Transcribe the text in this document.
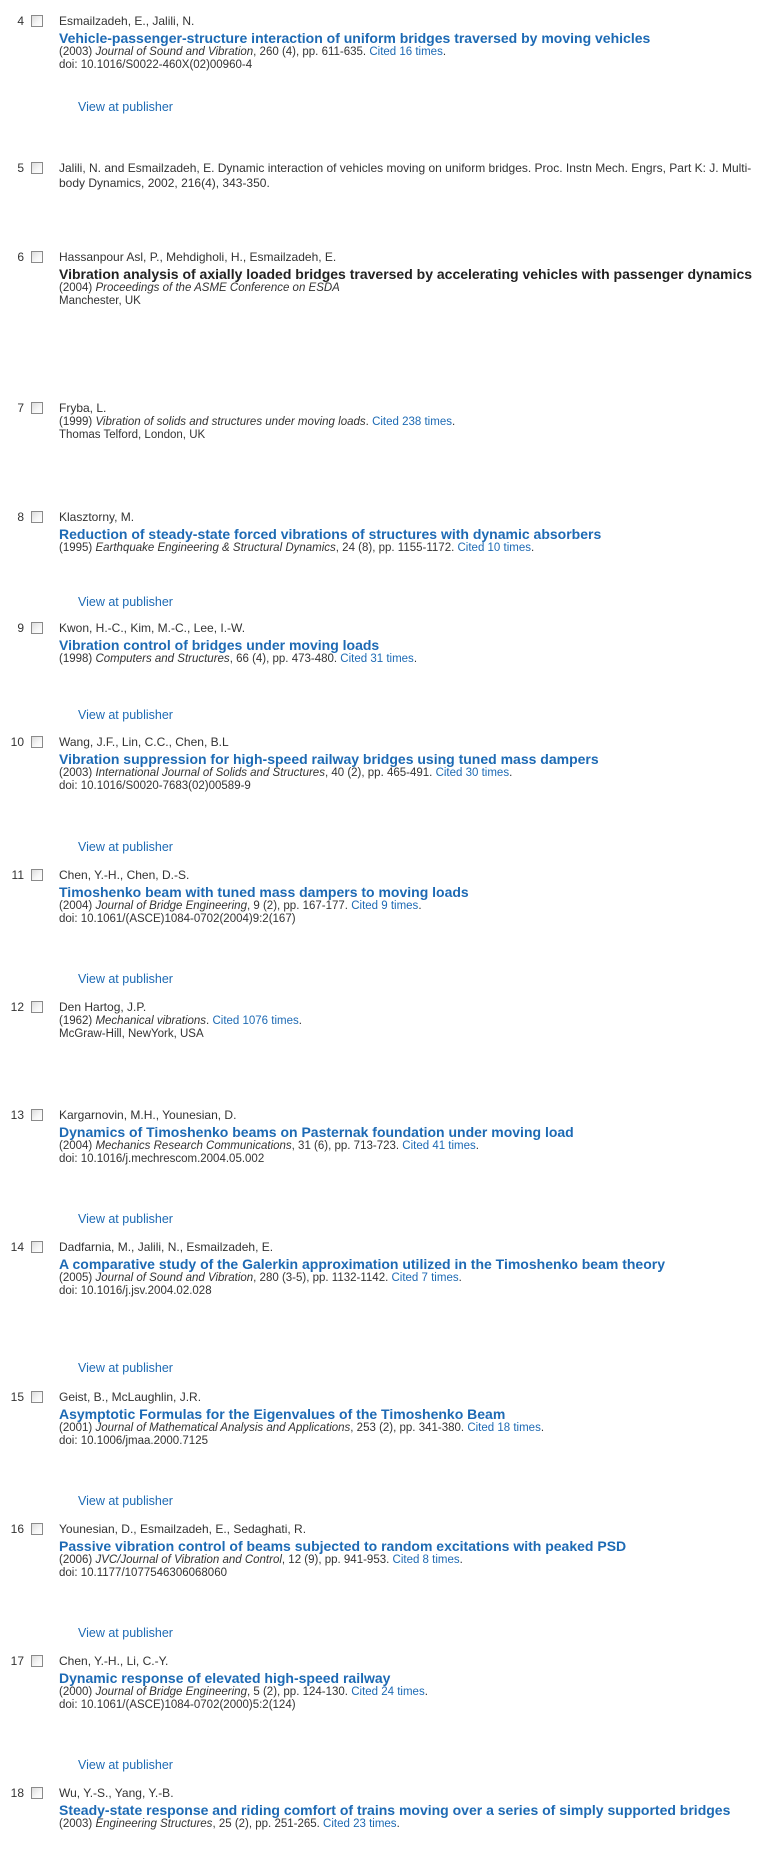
4	Esmailzadeh, E., Jalili, N.
Vehicle-passenger-structure interaction of uniform bridges traversed by moving vehicles
(2003) Journal of Sound and Vibration, 260 (4), pp. 611-635. Cited 16 times.
doi: 10.1016/S0022-460X(02)00960-4
View at publisher
5	Jalili, N. and Esmailzadeh, E. Dynamic interaction of vehicles moving on uniform bridges. Proc. Instn Mech. Engrs, Part K: J. Multi-body Dynamics, 2002, 216(4), 343-350.
6	Hassanpour Asl, P., Mehdigholi, H., Esmailzadeh, E.
Vibration analysis of axially loaded bridges traversed by accelerating vehicles with passenger dynamics
(2004) Proceedings of the ASME Conference on ESDA
Manchester, UK
7	Fryba, L.
(1999) Vibration of solids and structures under moving loads. Cited 238 times.
Thomas Telford, London, UK
8	Klasztorny, M.
Reduction of steady-state forced vibrations of structures with dynamic absorbers
(1995) Earthquake Engineering & Structural Dynamics, 24 (8), pp. 1155-1172. Cited 10 times.
View at publisher
9	Kwon, H.-C., Kim, M.-C., Lee, I.-W.
Vibration control of bridges under moving loads
(1998) Computers and Structures, 66 (4), pp. 473-480. Cited 31 times.
View at publisher
10	Wang, J.F., Lin, C.C., Chen, B.L
Vibration suppression for high-speed railway bridges using tuned mass dampers
(2003) International Journal of Solids and Structures, 40 (2), pp. 465-491. Cited 30 times.
doi: 10.1016/S0020-7683(02)00589-9
View at publisher
11	Chen, Y.-H., Chen, D.-S.
Timoshenko beam with tuned mass dampers to moving loads
(2004) Journal of Bridge Engineering, 9 (2), pp. 167-177. Cited 9 times.
doi: 10.1061/(ASCE)1084-0702(2004)9:2(167)
View at publisher
12	Den Hartog, J.P.
(1962) Mechanical vibrations. Cited 1076 times.
McGraw-Hill, NewYork, USA
13	Kargarnovin, M.H., Younesian, D.
Dynamics of Timoshenko beams on Pasternak foundation under moving load
(2004) Mechanics Research Communications, 31 (6), pp. 713-723. Cited 41 times.
doi: 10.1016/j.mechrescom.2004.05.002
View at publisher
14	Dadfarnia, M., Jalili, N., Esmailzadeh, E.
A comparative study of the Galerkin approximation utilized in the Timoshenko beam theory
(2005) Journal of Sound and Vibration, 280 (3-5), pp. 1132-1142. Cited 7 times.
doi: 10.1016/j.jsv.2004.02.028
View at publisher
15	Geist, B., McLaughlin, J.R.
Asymptotic Formulas for the Eigenvalues of the Timoshenko Beam
(2001) Journal of Mathematical Analysis and Applications, 253 (2), pp. 341-380. Cited 18 times.
doi: 10.1006/jmaa.2000.7125
View at publisher
16	Younesian, D., Esmailzadeh, E., Sedaghati, R.
Passive vibration control of beams subjected to random excitations with peaked PSD
(2006) JVC/Journal of Vibration and Control, 12 (9), pp. 941-953. Cited 8 times.
doi: 10.1177/1077546306068060
View at publisher
17	Chen, Y.-H., Li, C.-Y.
Dynamic response of elevated high-speed railway
(2000) Journal of Bridge Engineering, 5 (2), pp. 124-130. Cited 24 times.
doi: 10.1061/(ASCE)1084-0702(2000)5:2(124)
View at publisher
18	Wu, Y.-S., Yang, Y.-B.
Steady-state response and riding comfort of trains moving over a series of simply supported bridges
(2003) Engineering Structures, 25 (2), pp. 251-265. Cited 23 times.
